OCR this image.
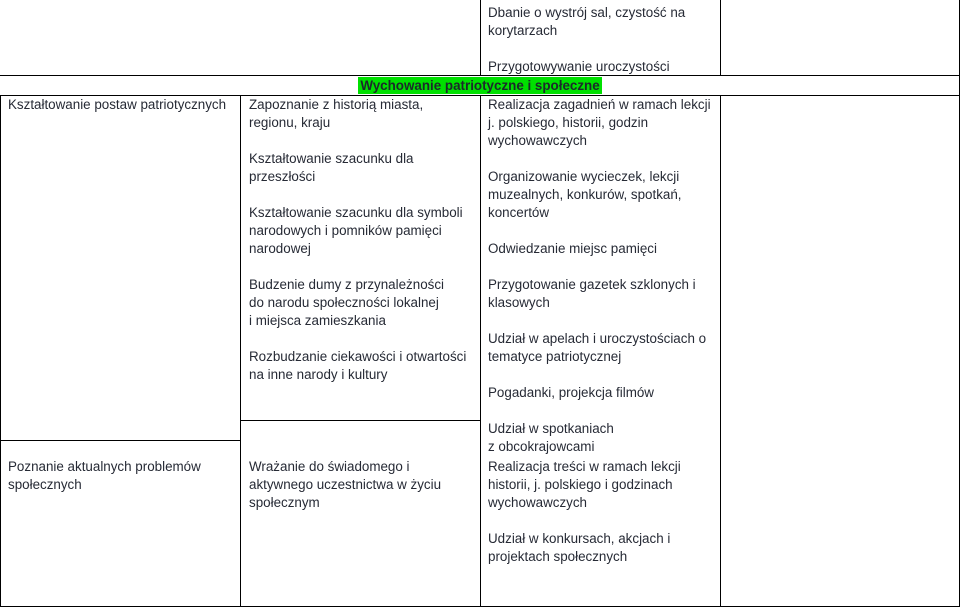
Dbanie o wystrój sal, czystość na
korytarzach
Przygotowywanie uroczystości
Wychowanie patriotyczne i społeczne
Kształtowanie postaw patriotycznych Zapoznanie z historią miasta,
regionu, kraju
Kształtowanie szacunku dla
przeszłości
Kształtowanie szacunku dla symboli
narodowych i pomników pamięci
narodowej
Budzenie dumy z przynależności
do narodu społeczności lokalnej
i miejsca zamieszkania
Rozbudzanie ciekawości i otwartości
na inne narody i kultury
Realizacja zagadnień w ramach lekcji
j. polskiego, historii, godzin
wychowawczych
Organizowanie wycieczek, lekcji
muzealnych, konkurów, spotkań,
koncertów
Odwiedzanie miejsc pamięci
Przygotowanie gazetek szklonych i
klasowych
Udział w apelach i uroczystościach o
tematyce patriotycznej
Pogadanki, projekcja filmów
Udział w spotkaniach
z obcokrajowcami
Poznanie aktualnych problemów
społecznych
Wrażanie do świadomego i
aktywnego uczestnictwa w życiu
społecznym
Realizacja treści w ramach lekcji
historii, j. polskiego i godzinach
wychowawczych
Udział w konkursach, akcjach i
projektach społecznych
